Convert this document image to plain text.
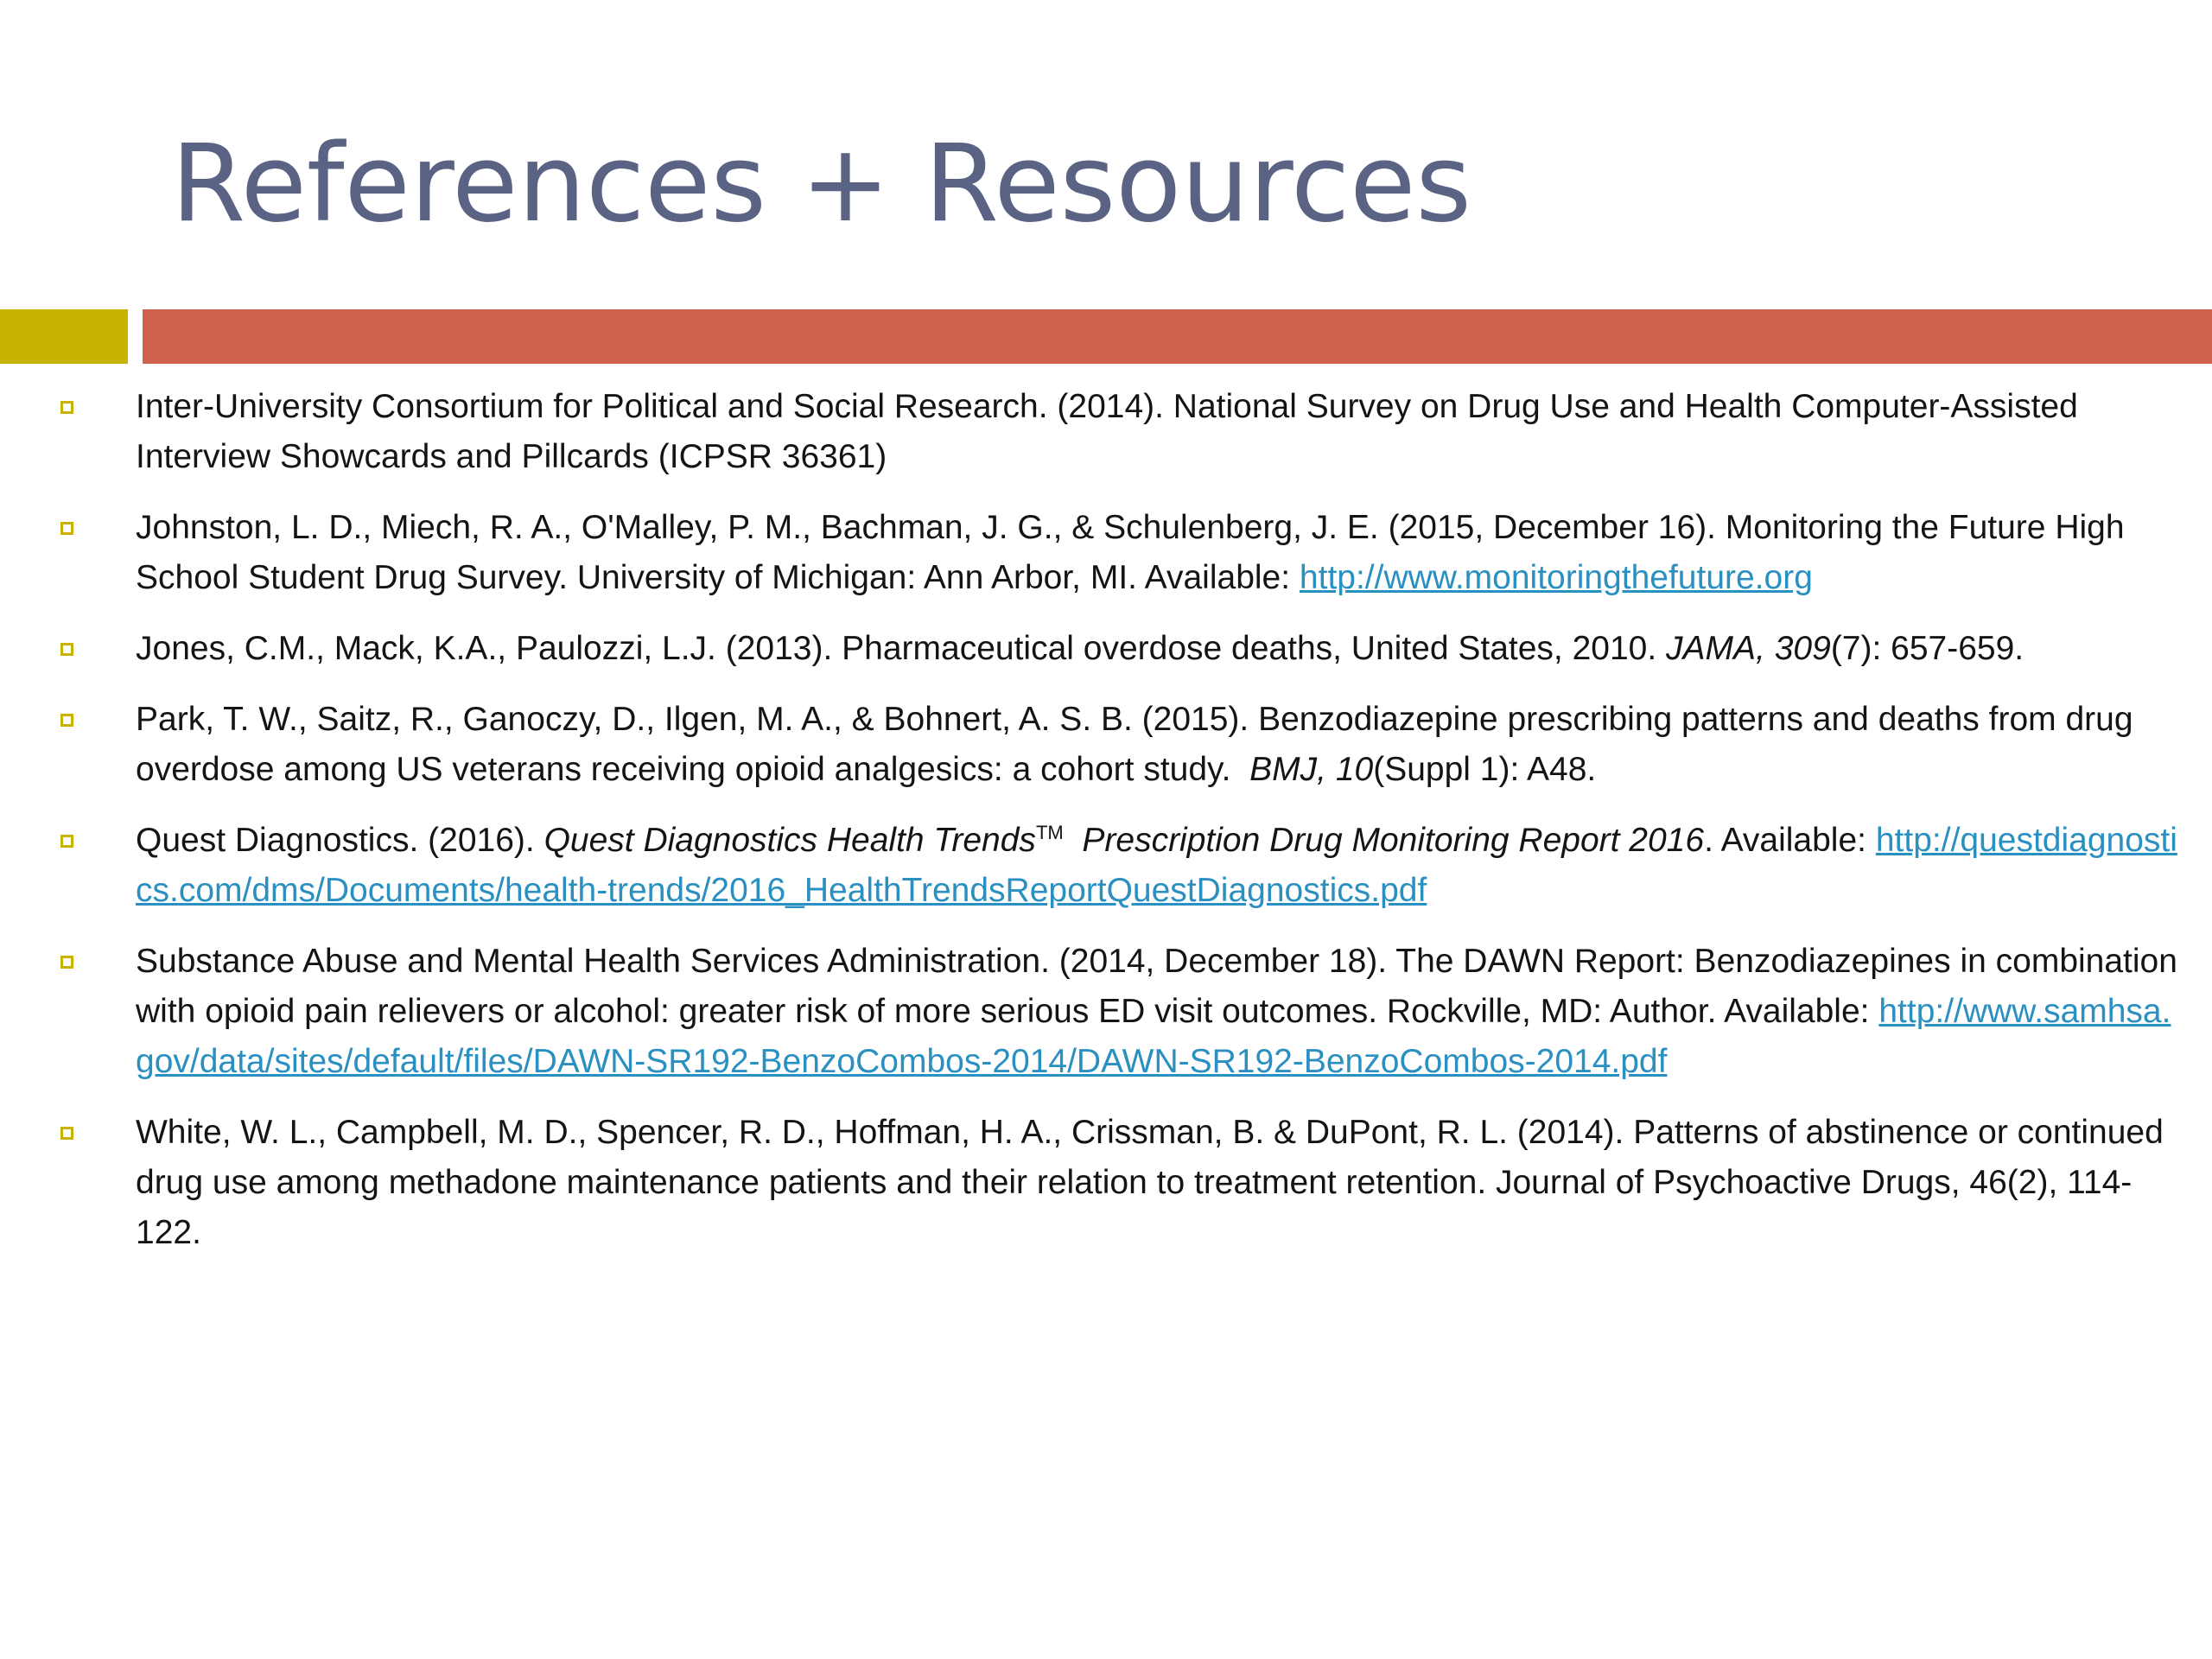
References + Resources
Inter-University Consortium for Political and Social Research. (2014). National Survey on Drug Use and Health Computer-Assisted Interview Showcards and Pillcards (ICPSR 36361)
Johnston, L. D., Miech, R. A., O'Malley, P. M., Bachman, J. G., & Schulenberg, J. E. (2015, December 16). Monitoring the Future High School Student Drug Survey. University of Michigan: Ann Arbor, MI. Available: http://www.monitoringthefuture.org
Jones, C.M., Mack, K.A., Paulozzi, L.J. (2013). Pharmaceutical overdose deaths, United States, 2010. JAMA, 309(7): 657-659.
Park, T. W., Saitz, R., Ganoczy, D., Ilgen, M. A., & Bohnert, A. S. B. (2015). Benzodiazepine prescribing patterns and deaths from drug overdose among US veterans receiving opioid analgesics: a cohort study.  BMJ, 10(Suppl 1): A48.
Quest Diagnostics. (2016). Quest Diagnostics Health Trends™  Prescription Drug Monitoring Report 2016. Available: http://questdiagnostics.com/dms/Documents/health-trends/2016_HealthTrendsReportQuestDiagnostics.pdf
Substance Abuse and Mental Health Services Administration. (2014, December 18). The DAWN Report: Benzodiazepines in combination with opioid pain relievers or alcohol: greater risk of more serious ED visit outcomes. Rockville, MD: Author. Available: http://www.samhsa.gov/data/sites/default/files/DAWN-SR192-BenzoCombos-2014/DAWN-SR192-BenzoCombos-2014.pdf
White, W. L., Campbell, M. D., Spencer, R. D., Hoffman, H. A., Crissman, B. & DuPont, R. L. (2014). Patterns of abstinence or continued drug use among methadone maintenance patients and their relation to treatment retention. Journal of Psychoactive Drugs, 46(2), 114-122.
